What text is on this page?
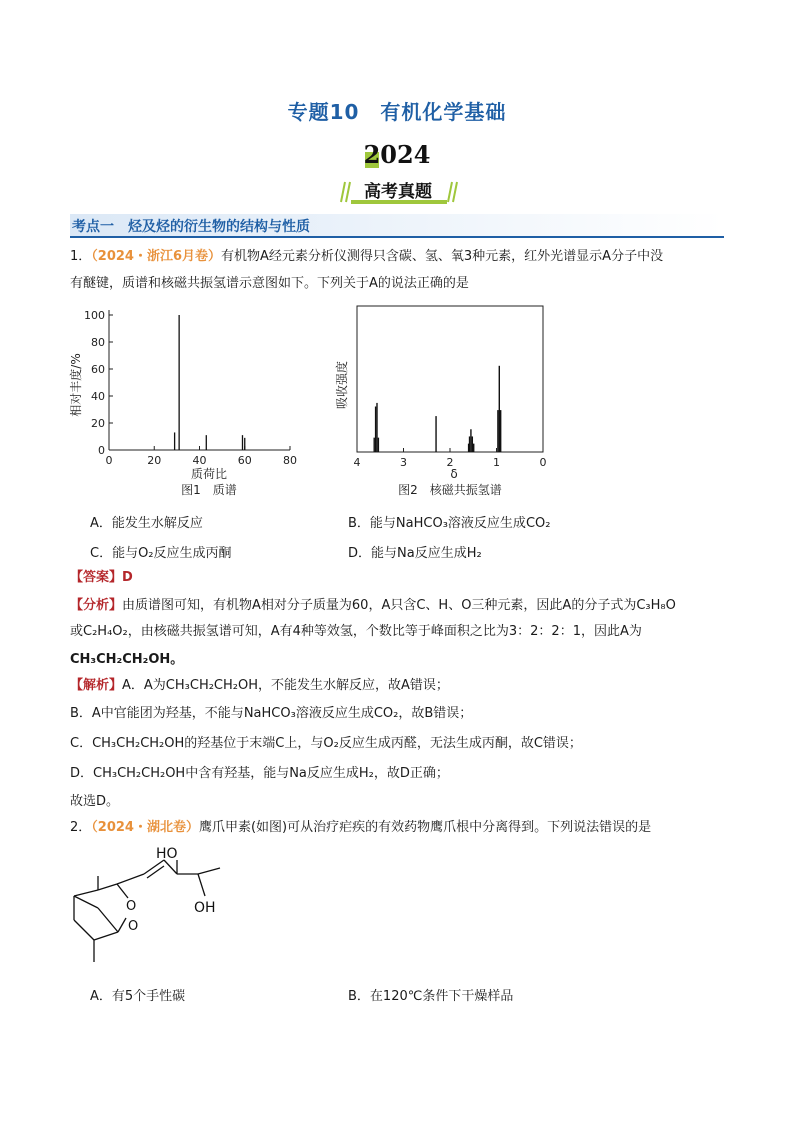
专题10　有机化学基础
2024
高考真题
考点一　烃及烃的衍生物的结构与性质
1．（2024・浙江6月卷）有机物A经元素分析仪测得只含碳、氢、氧3种元素，红外光谱显示A分子中没
有醚键，质谱和核磁共振氢谱示意图如下。下列关于A的说法正确的是
0	20	40	60	80
0
20
40
60
80
100
质荷比
图1　质谱
相对丰度/%
4	3	2	1	0
δ
图2　核磁共振氢谱
吸收强度
A．能发生水解反应	B．能与NaHCO₃溶液反应生成CO₂
C．能与O₂反应生成丙酮	D．能与Na反应生成H₂
【答案】D
【分析】由质谱图可知，有机物A相对分子质量为60，A只含C、H、O三种元素，因此A的分子式为C₃H₈O
或C₂H₄O₂，由核磁共振氢谱可知，A有4种等效氢，个数比等于峰面积之比为3：2：2：1，因此A为
CH₃CH₂CH₂OH。
【解析】A．A为CH₃CH₂CH₂OH，不能发生水解反应，故A错误；
B．A中官能团为羟基，不能与NaHCO₃溶液反应生成CO₂，故B错误；
C．CH₃CH₂CH₂OH的羟基位于末端C上，与O₂反应生成丙醛，无法生成丙酮，故C错误；
D．CH₃CH₂CH₂OH中含有羟基，能与Na反应生成H₂，故D正确；
故选D。
2．（2024・湖北卷）鹰爪甲素(如图)可从治疗疟疾的有效药物鹰爪根中分离得到。下列说法错误的是
HO
OH
O
O
A．有5个手性碳	B．在120℃条件下干燥样品
